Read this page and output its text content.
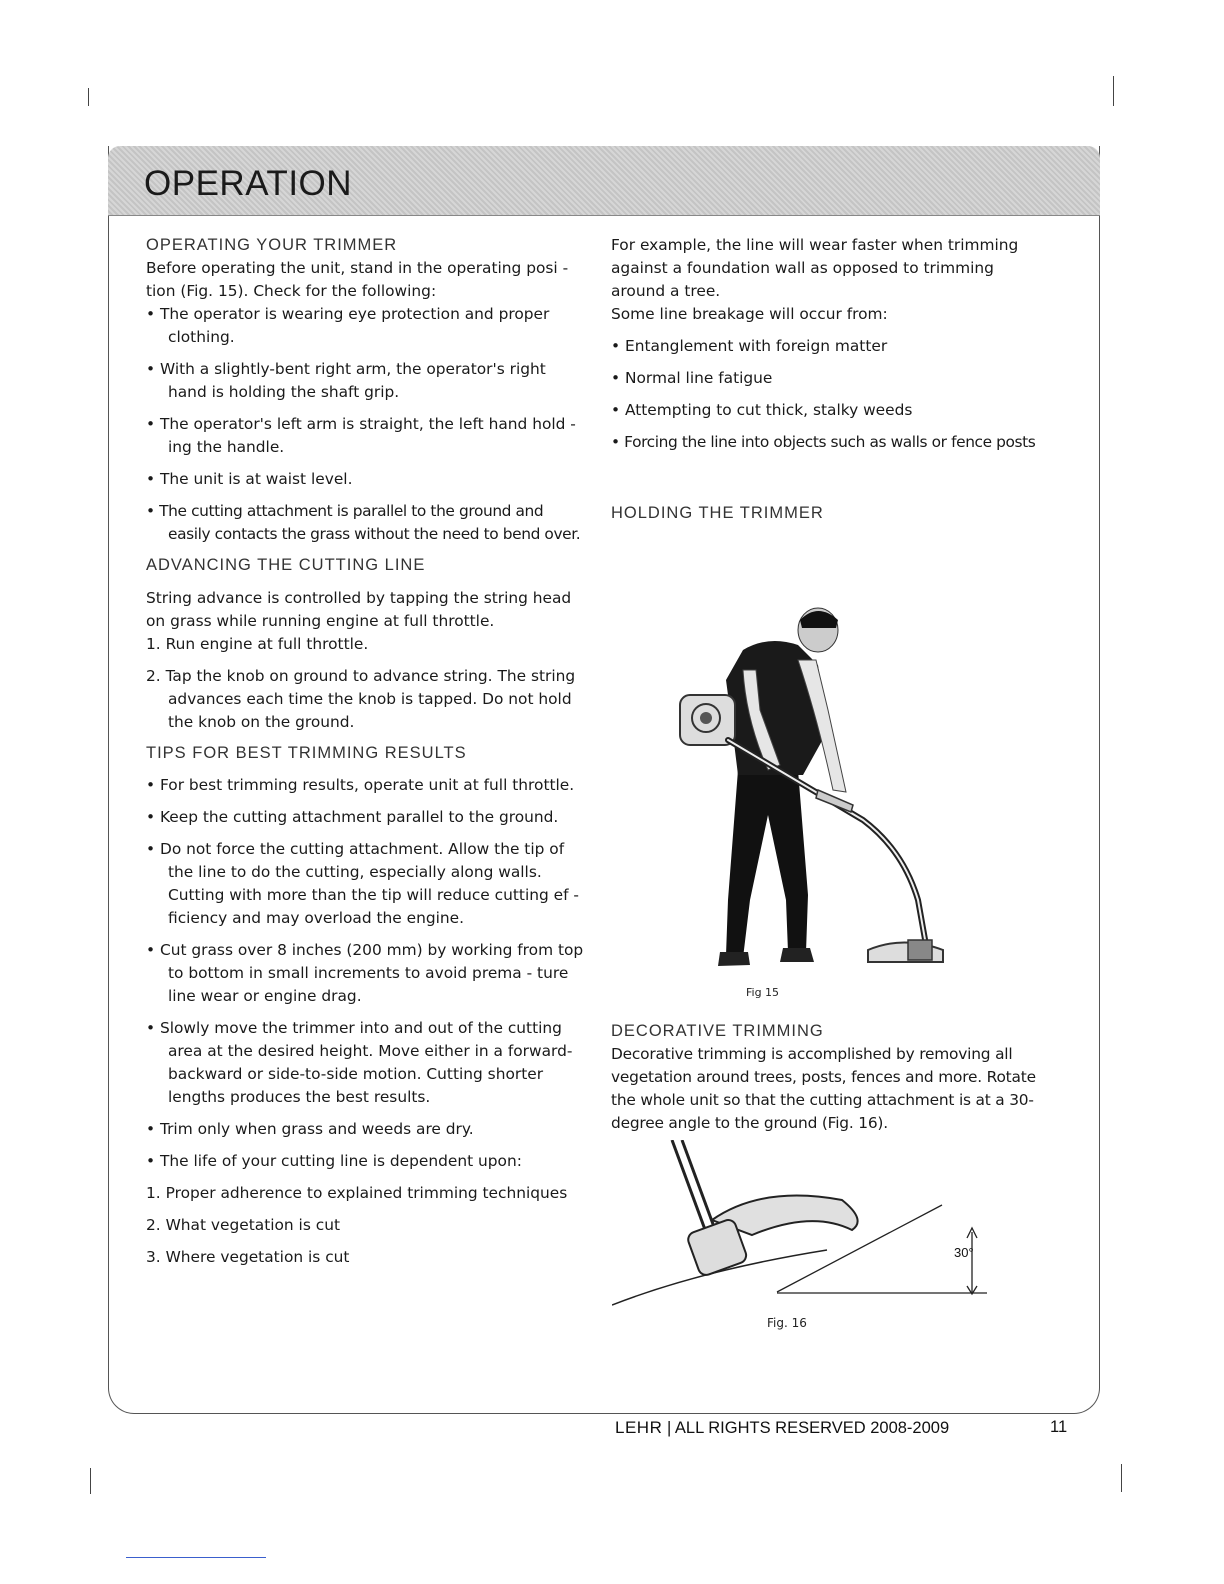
OPERATION
OPERATING YOUR TRIMMER

Before operating the unit, stand in the operating posi - tion (Fig. 15). Check for the following:

• The operator is wearing eye protection and proper clothing.

• With a slightly-bent right arm, the operator's right hand is holding the shaft grip.

• The operator's left arm is straight, the left hand hold - ing the handle.

• The unit is at waist level.

• The cutting attachment is parallel to the ground and easily contacts the grass without the need to bend over.

ADVANCING THE CUTTING LINE

String advance is controlled by tapping the string head on grass while running engine at full throttle.

1. Run engine at full throttle.

2. Tap the knob on ground to advance string. The string advances each time the knob is tapped. Do not hold the knob on the ground.

TIPS FOR BEST TRIMMING RESULTS

• For best trimming results, operate unit at full throttle.

• Keep the cutting attachment parallel to the ground.

• Do not force the cutting attachment. Allow the tip of the line to do the cutting, especially along walls. Cutting with more than the tip will reduce cutting ef - ficiency and may overload the engine.

• Cut grass over 8 inches (200 mm) by working from top to bottom in small increments to avoid prema - ture line wear or engine drag.

• Slowly move the trimmer into and out of the cutting area at the desired height. Move either in a forward-backward or side-to-side motion. Cutting shorter lengths produces the best results.

• Trim only when grass and weeds are dry.

• The life of your cutting line is dependent upon:

1. Proper adherence to explained trimming techniques

2. What vegetation is cut

3. Where vegetation is cut

For example, the line will wear faster when trimming against a foundation wall as opposed to trimming around a tree.

Some line breakage will occur from:

• Entanglement with foreign matter

• Normal line fatigue

• Attempting to cut thick, stalky weeds

• Forcing the line into objects such as walls or fence posts

HOLDING THE TRIMMER
Fig 15
DECORATIVE TRIMMING

Decorative trimming is accomplished by removing all vegetation around trees, posts, fences and more. Rotate the whole unit so that the cutting attachment is at a 30-degree angle to the ground (Fig. 16).

30°
Fig. 16
LEHR | ALL RIGHTS RESERVED 2008-2009	11
